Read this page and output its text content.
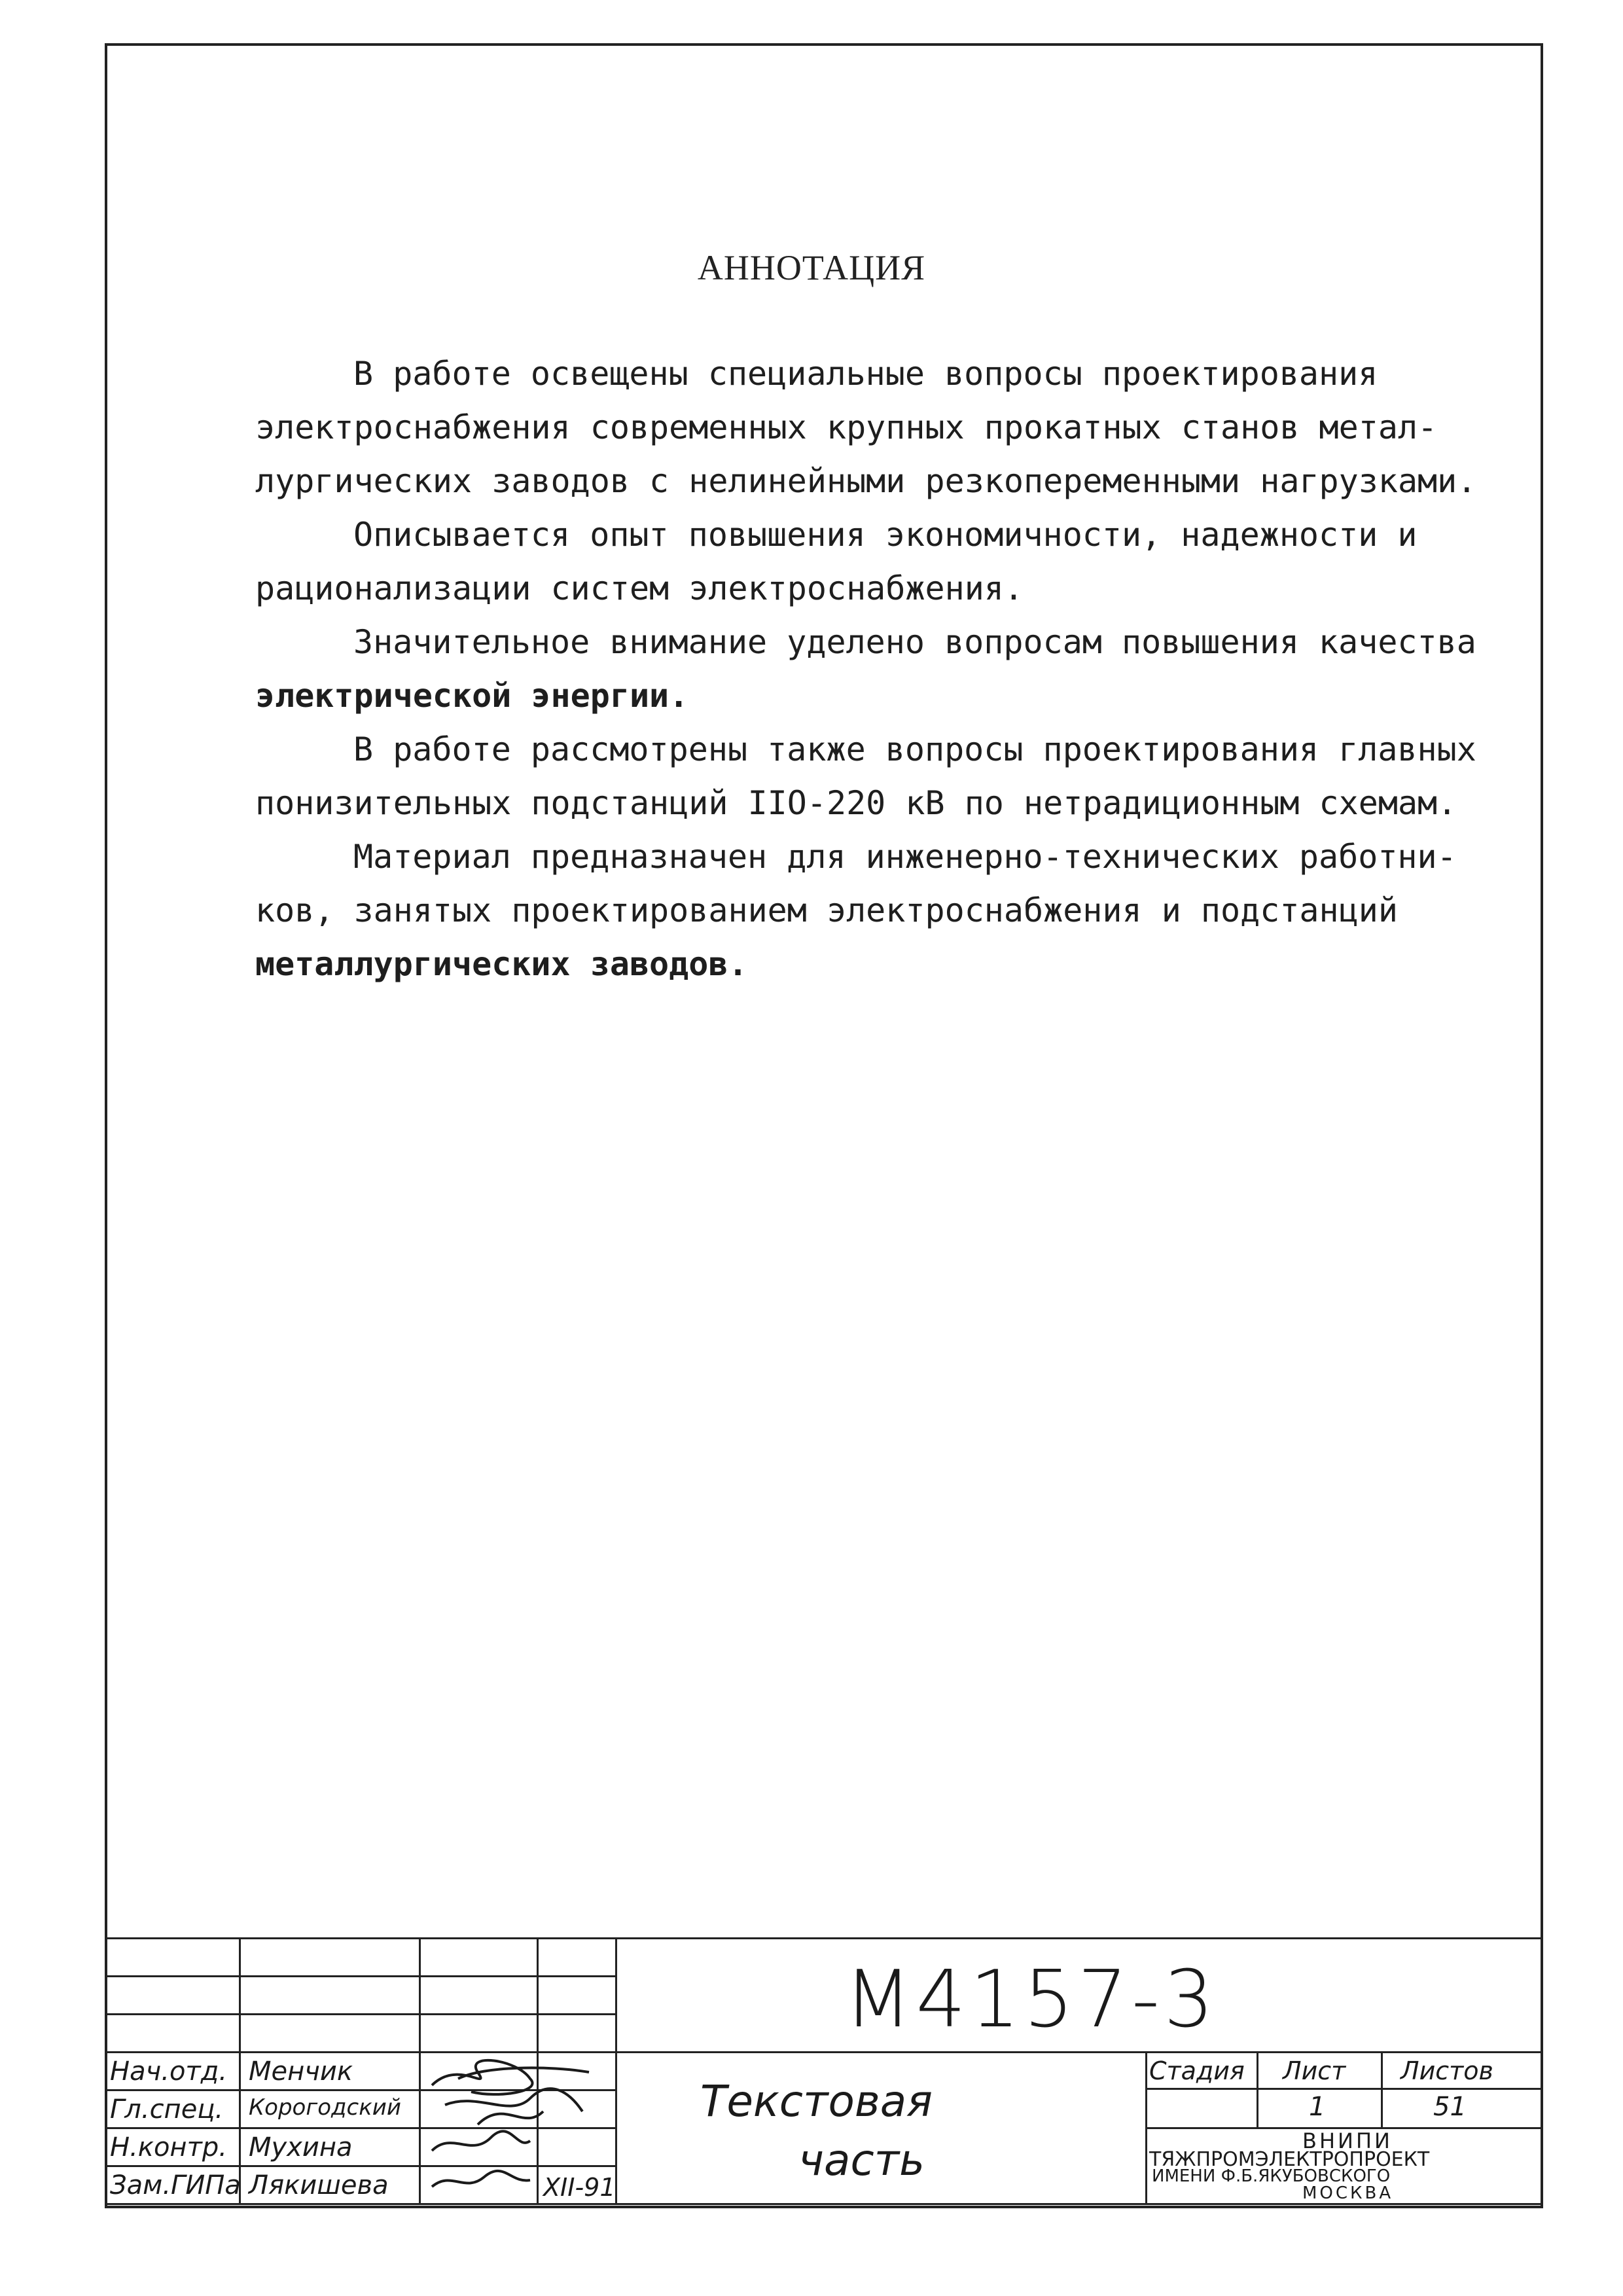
АННОТАЦИЯ
В работе освещены специальные вопросы проектирования
электроснабжения современных крупных прокатных станов метал-
лургических заводов с нелинейными резкопеременными нагрузками.
Описывается опыт повышения экономичности, надежности и
рационализации систем электроснабжения.
Значительное внимание уделено вопросам повышения качества
электрической энергии.
В работе рассмотрены также вопросы проектирования главных
понизительных подстанций IIO-220 кВ по нетрадиционным схемам.
Материал предназначен для инженерно-технических работни-
ков, занятых проектированием электроснабжения и подстанций
металлургических заводов.
Нач.отд.
Гл.спец.
Н.контр.
Зам.ГИПа
Менчик
Корогодский
Мухина
Лякишева	XII-91
М4157-3
Текстовая
часть
Стадия Лист Листов
1	51
ВНИПИ
ТЯЖПРОМЭЛЕКТРОПРОЕКТ
ИМЕНИ Ф.Б.ЯКУБОВСКОГО
МОСКВА
